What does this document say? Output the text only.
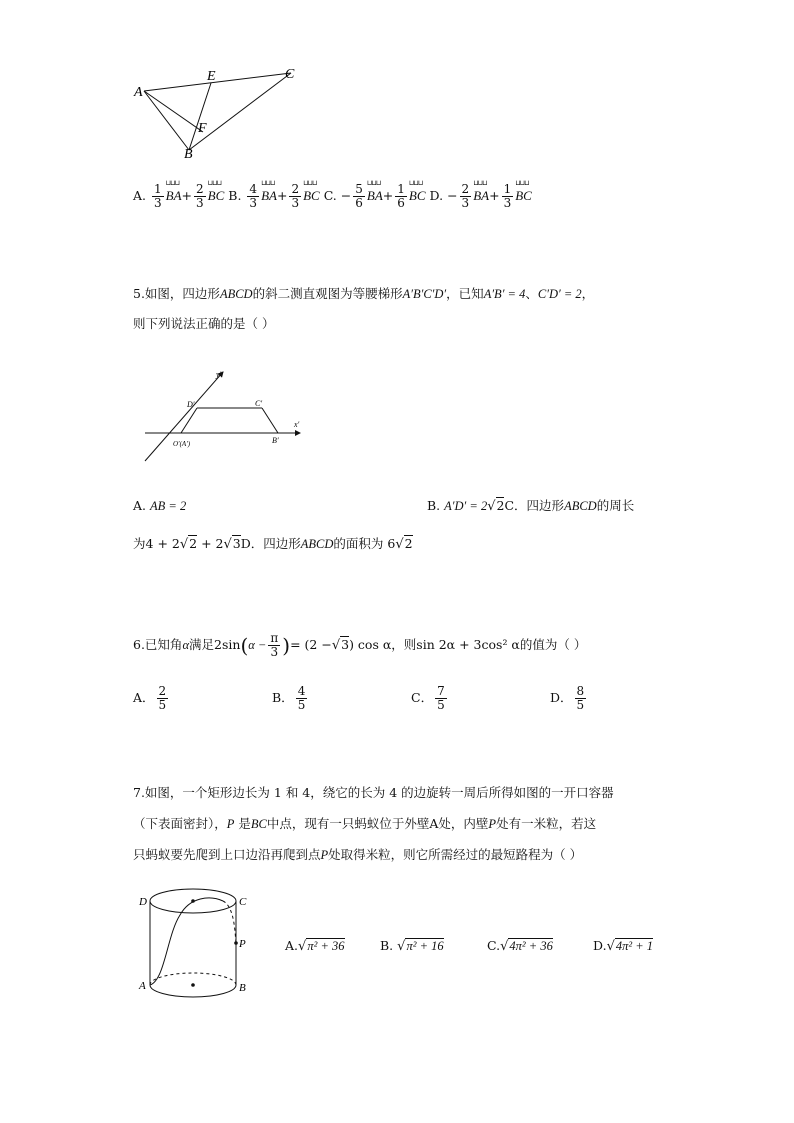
A
E	C
F
B
A. $\frac{1}{3}$ ⊔⊔⊔ $BA+ \frac{2}{3}$ ⊔⊔⊔ BC B. $\frac{4}{3}$ ⊔⊔⊔ $BA+ \frac{2}{3}$ ⊔⊔⊔ BC C. − $\frac{5}{6}$ ⊔⊔⊔ $BA+ \frac{1}{6}$ ⊔⊔⊔ BC D. − $\frac{2}{3}$ ⊔⊔⊔ $BA+ \frac{1}{3}$ ⊔⊔⊔ BC
5.如图，四边形ABCD的斜二测直观图为等腰梯形A′B′C′D′，已知A′B′ = 4、C′D′ = 2，
则下列说法正确的是（ ）
y′
x′
D′	C′
O′(A′)	B′
A. AB = 2	B. A′D′ = 2√2C．四边形ABCD的周长
为4 + 2√2 + 2√3D．四边形ABCD的面积为 6√2
6.已知角α满足$2\sin(\alpha - \frac{\pi}{3}$ )= (2 −√3) cos α，则sin 2α + 3cos² α的值为（ ）
A． $\frac{2}{5}$	B． $\frac{4}{5}$	C． $\frac{7}{5}$	D． $\frac{8}{5}$
7.如图，一个矩形边长为 1 和 4，绕它的长为 4 的边旋转一周后所得如图的一开口容器
（下表面密封），P 是BC中点，现有一只蚂蚁位于外壁A处，内壁P处有一米粒，若这
只蚂蚁要先爬到上口边沿再爬到点P处取得米粒，则它所需经过的最短路程为（ ）
D	C
P
A	B
A.√π² + 36	B. √π² + 16	C.√4π² + 36	D.√4π² + 1
